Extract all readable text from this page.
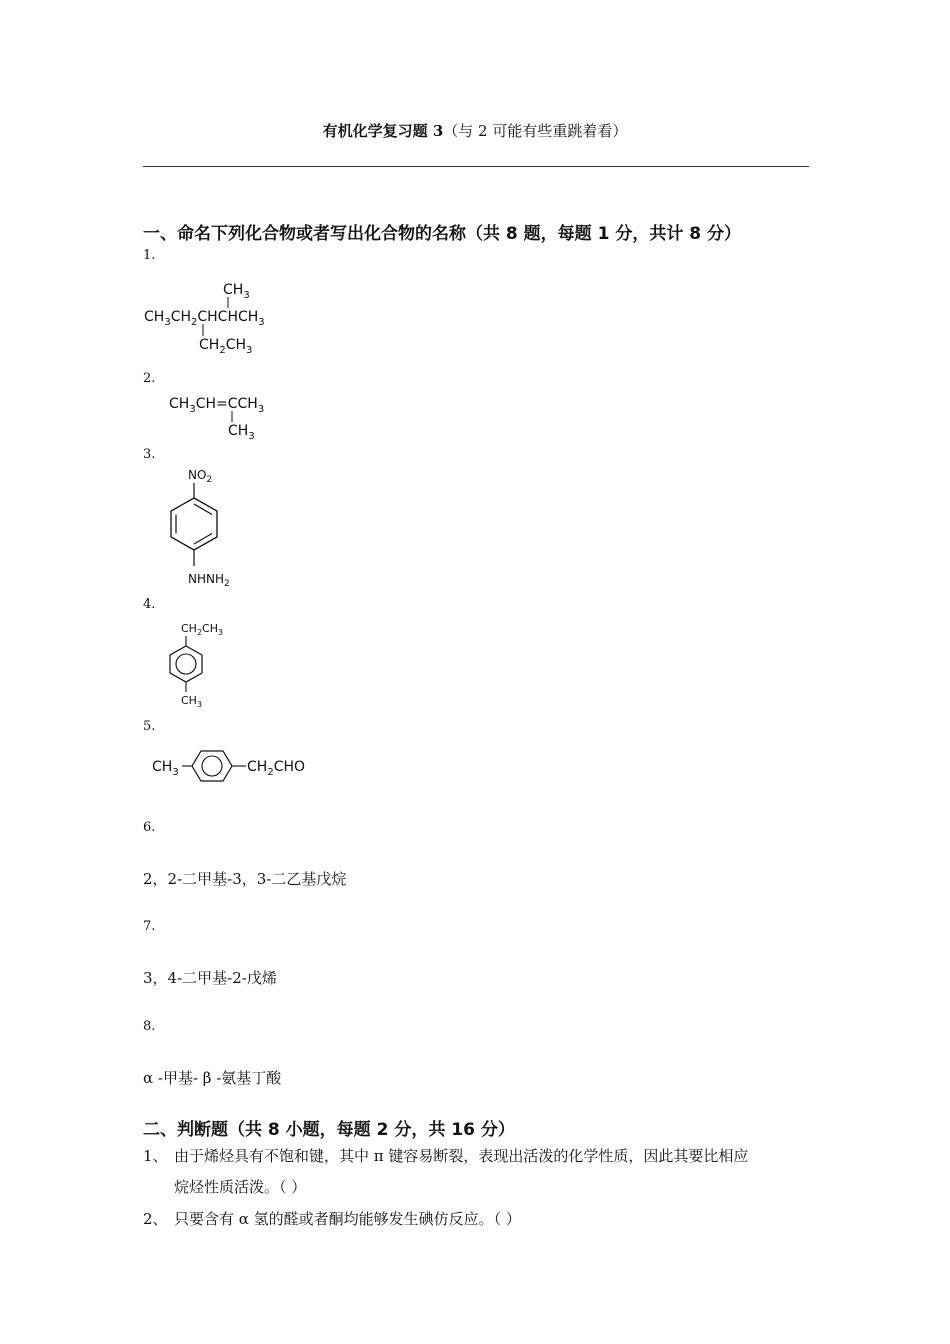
有机化学复习题 3（与 2 可能有些重跳着看）
一、命名下列化合物或者写出化合物的名称（共 8 题，每题 1 分，共计 8 分）
1.
$CH_3$
$CH_3CH_2CHCHCH_3$
$CH_2CH_3$
2.
$CH_3CH=CCH_3$
$CH_3$
3.
$NO_2$
$NHNH_2$
4.
$CH_2CH_3$
$CH_3$
5.
$CH_3$	$CH_2CHO$
6.
2，2-二甲基-3，3-二乙基戊烷
7.
3，4-二甲基-2-戊烯
8.
α -甲基- β -氨基丁酸
二、判断题（共 8 小题，每题 2 分，共 16 分）
1、 由于烯烃具有不饱和键，其中 π 键容易断裂，表现出活泼的化学性质，因此其要比相应
烷烃性质活泼。（ ）
2、 只要含有 α 氢的醛或者酮均能够发生碘仿反应。（ ）
